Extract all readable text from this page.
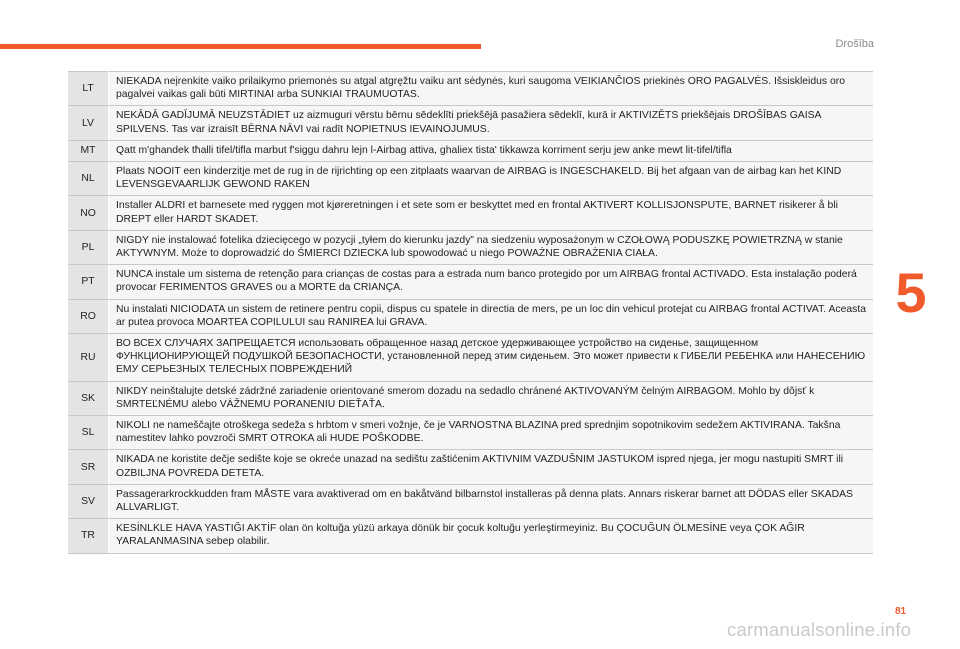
Drošība
5
LT	NIEKADA neįrenkite vaiko prilaikymo priemonės su atgal atgręžtu vaiku ant sėdynės, kuri saugoma VEIKIANČIOS priekinės ORO PAGALVĖS. Išsiskleidus oro pagalvei vaikas gali būti MIRTINAI arba SUNKIAI TRAUMUOTAS.
LV	NEKĀDĀ GADĪJUMĀ NEUZSTĀDIET uz aizmuguri vērstu bērnu sēdeklīti priekšējā pasažiera sēdeklī, kurā ir AKTIVIZĒTS priekšējais DROŠĪBAS GAISA SPILVENS. Tas var izraisīt BĒRNA NĀVI vai radīt NOPIETNUS IEVAINOJUMUS.
MT	Qatt m'ghandek tħalli tifel/tifla marbut f'siggu dahru lejn l-Airbag attiva, ghaliex tista' tikkawza korriment serju jew anke mewt lit-tifel/tifla
NL	Plaats NOOIT een kinderzitje met de rug in de rijrichting op een zitplaats waarvan de AIRBAG is INGESCHAKELD. Bij het afgaan van de airbag kan het KIND LEVENSGEVAARLIJK GEWOND RAKEN
NO	Installer ALDRI et barnesete med ryggen mot kjøreretningen i et sete som er beskyttet med en frontal AKTIVERT KOLLISJONSPUTE, BARNET risikerer å bli DREPT eller HARDT SKADET.
PL	NIGDY nie instalować fotelika dziecięcego w pozycji „tyłem do kierunku jazdy” na siedzeniu wyposażonym w CZOŁOWĄ PODUSZKĘ POWIETRZNĄ w stanie AKTYWNYM. Może to doprowadzić do ŚMIERCI DZIECKA lub spowodować u niego POWAŻNE OBRAŻENIA CIAŁA.
PT	NUNCA instale um sistema de retenção para crianças de costas para a estrada num banco protegido por um AIRBAG frontal ACTIVADO. Esta instalação poderá provocar FERIMENTOS GRAVES ou a MORTE da CRIANÇA.
RO	Nu instalati NICIODATA un sistem de retinere pentru copii, dispus cu spatele in directia de mers, pe un loc din vehicul protejat cu AIRBAG frontal ACTIVAT. Aceasta ar putea provoca MOARTEA COPILULUI sau RANIREA lui GRAVA.
RU	ВО ВСЕХ СЛУЧАЯХ ЗАПРЕЩАЕТСЯ использовать обращенное назад детское удерживающее устройство на сиденье, защищенном ФУНКЦИОНИРУЮЩЕЙ ПОДУШКОЙ БЕЗОПАСНОСТИ, установленной перед этим сиденьем. Это может привести к ГИБЕЛИ РЕБЕНКА или НАНЕСЕНИЮ ЕМУ СЕРЬЕЗНЫХ ТЕЛЕСНЫХ ПОВРЕЖДЕНИЙ
SK	NIKDY neinštalujte detské zádržné zariadenie orientované smerom dozadu na sedadlo chránené AKTIVOVANÝM čelným AIRBAGOM. Mohlo by dôjsť k SMRTEĽNÉMU alebo VÁŽNEMU PORANENIU DIEŤAŤA.
SL	NIKOLI ne nameščajte otroškega sedeža s hrbtom v smeri vožnje, če je VARNOSTNA BLAZINA pred sprednjim sopotnikovim sedežem AKTIVIRANA. Takšna namestitev lahko povzroči SMRT OTROKA ali HUDE POŠKODBE.
SR	NIKADA ne koristite dečje sedište koje se okreće unazad na sedištu zaštićenim AKTIVNIM VAZDUŠNIM JASTUKOM ispred njega, jer mogu nastupiti SMRT ili OZBILJNA POVREDA DETETA.
SV	Passagerarkrockkudden fram MÅSTE vara avaktiverad om en bakåtvänd bilbarnstol installeras på denna plats. Annars riskerar barnet att DÖDAS eller SKADAS ALLVARLIGT.
TR	KESİNLKLE HAVA YASTIĞI AKTİF olan ön koltuğa yüzü arkaya dönük bir çocuk koltuğu yerleştirmeyiniz. Bu ÇOCUĞUN ÖLMESİNE veya ÇOK AĞIR YARALANMASINA sebep olabilir.
81
carmanualsonline.info
